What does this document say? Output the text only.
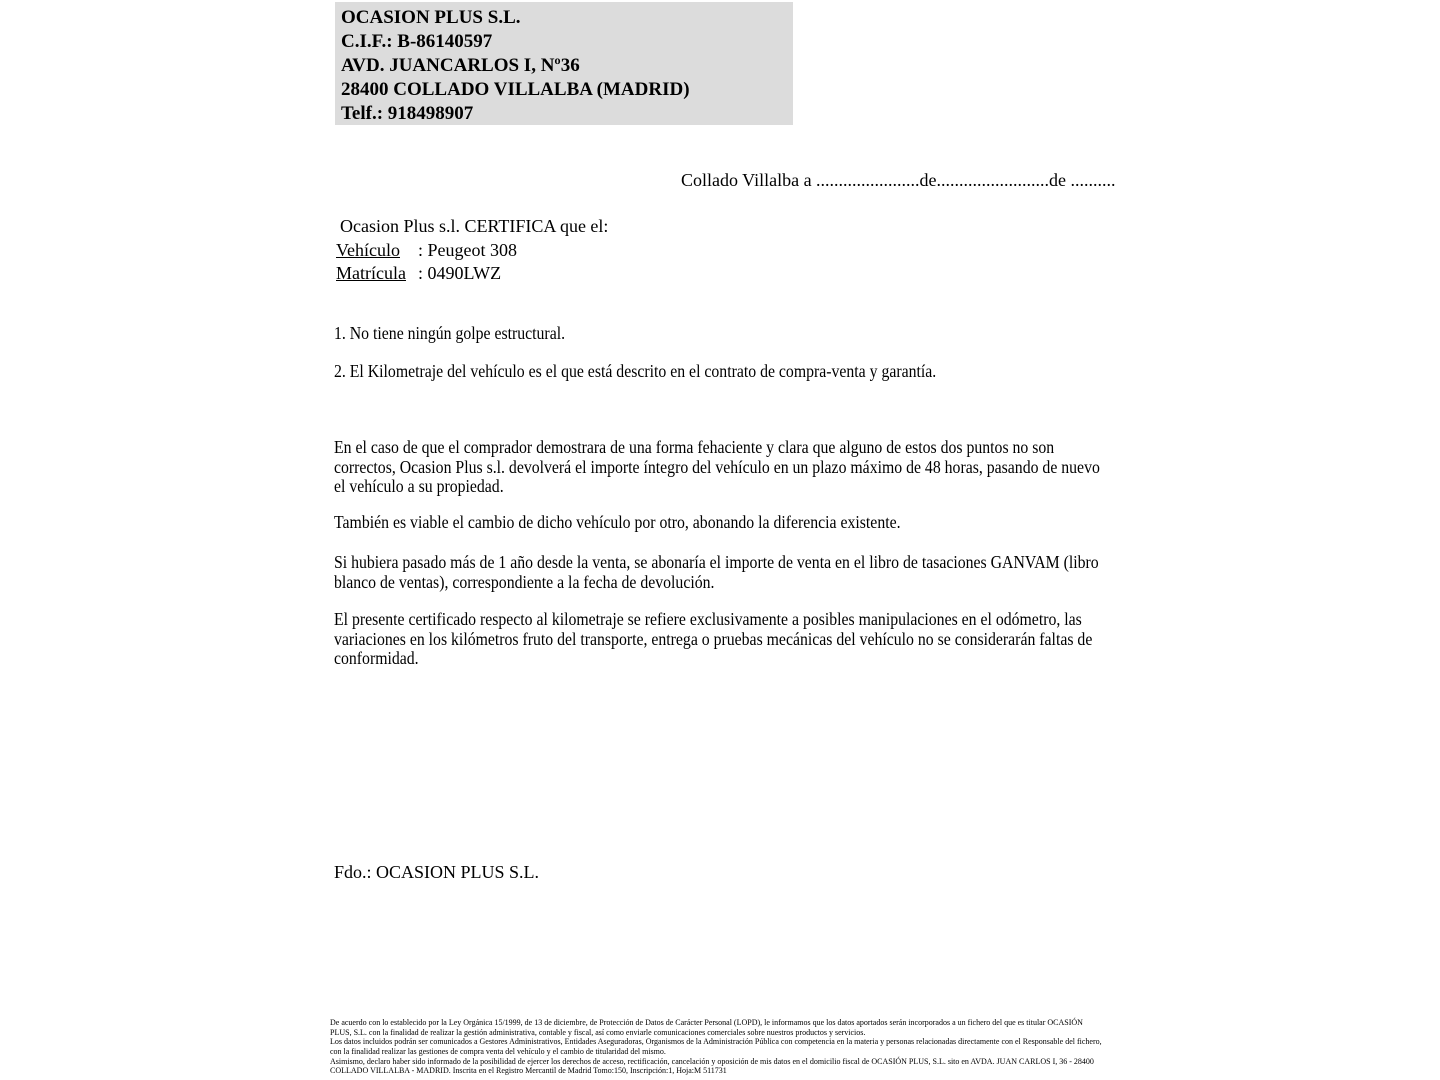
OCASION PLUS S.L.
C.I.F.: B-86140597
AVD. JUANCARLOS I, Nº36
28400 COLLADO VILLALBA (MADRID)
Telf.: 918498907
Collado Villalba a .......................de.........................de ..........
Ocasion Plus s.l. CERTIFICA que el:
Vehículo : Peugeot 308
Matrícula : 0490LWZ
1. No tiene ningún golpe estructural.
2. El Kilometraje del vehículo es el que está descrito en el contrato de compra-venta y garantía.
En el caso de que el comprador demostrara de una forma fehaciente y clara que alguno de estos dos puntos no son correctos, Ocasion Plus s.l. devolverá el importe íntegro del vehículo en un plazo máximo de 48 horas, pasando de nuevo el vehículo a su propiedad.
También es viable el cambio de dicho vehículo por otro, abonando la diferencia existente.
Si hubiera pasado más de 1 año desde la venta, se abonaría el importe de venta en el libro de tasaciones GANVAM (libro blanco de ventas), correspondiente a la fecha de devolución.
El presente certificado respecto al kilometraje se refiere exclusivamente a posibles manipulaciones en el odómetro, las variaciones en los kilómetros fruto del transporte, entrega o pruebas mecánicas del vehículo no se considerarán faltas de conformidad.
Fdo.: OCASION PLUS S.L.
De acuerdo con lo establecido por la Ley Orgánica 15/1999, de 13 de diciembre, de Protección de Datos de Carácter Personal (LOPD), le informamos que los datos aportados serán incorporados a un fichero del que es titular OCASIÓN PLUS, S.L. con la finalidad de realizar la gestión administrativa, contable y fiscal, así como enviarle comunicaciones comerciales sobre nuestros productos y servicios.
Los datos incluidos podrán ser comunicados a Gestores Administrativos, Entidades Aseguradoras, Organismos de la Administración Pública con competencia en la materia y personas relacionadas directamente con el Responsable del fichero, con la finalidad realizar las gestiones de compra venta del vehículo y el cambio de titularidad del mismo.
Asimismo, declaro haber sido informado de la posibilidad de ejercer los derechos de acceso, rectificación, cancelación y oposición de mis datos en el domicilio fiscal de OCASIÓN PLUS, S.L. sito en AVDA. JUAN CARLOS I, 36 - 28400 COLLADO VILLALBA - MADRID. Inscrita en el Registro Mercantil de Madrid Tomo:150, Inscripción:1, Hoja:M 511731
